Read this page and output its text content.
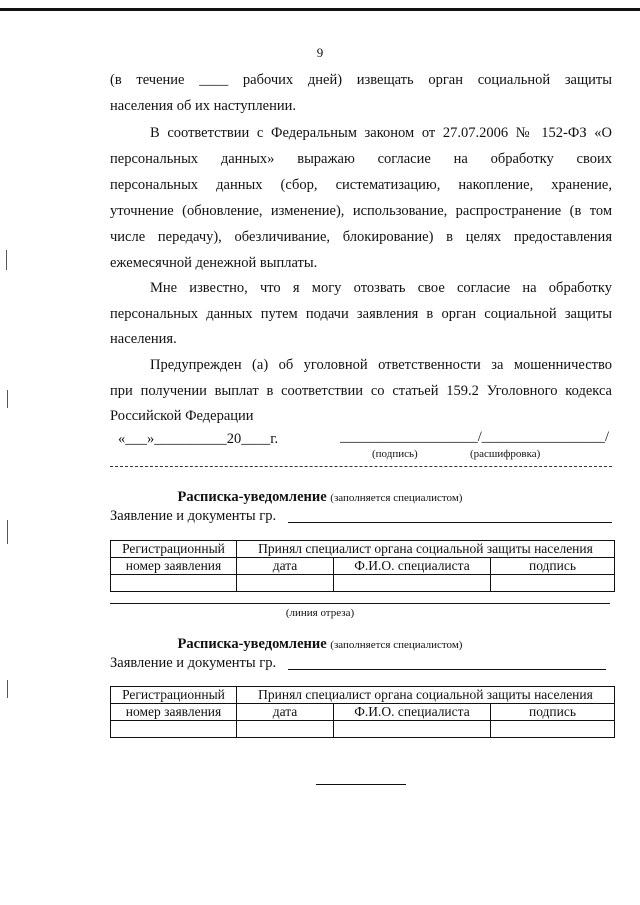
9
(в течение ____ рабочих дней) извещать орган социальной защиты
населения об их наступлении.
В соответствии с Федеральным законом от 27.07.2006 № 152-ФЗ «О
персональных данных» выражаю согласие на обработку своих
персональных данных (сбор, систематизацию, накопление, хранение,
уточнение (обновление, изменение), использование, распространение (в том
числе передачу), обезличивание, блокирование) в целях предоставления
ежемесячной денежной выплаты.
Мне известно, что я могу отозвать свое согласие на обработку
персональных данных путем подачи заявления в орган социальной защиты
населения.
Предупрежден (а) об уголовной ответственности за мошенничество
при получении выплат в соответствии со статьей 159.2 Уголовного кодекса
Российской Федерации
«___»__________20____г.	___________________/_________________/
(подпись)	(расшифровка)
Расписка-уведомление (заполняется специалистом)
Заявление и документы гр.
Регистрационный	Принял специалист органа социальной защиты населения		
номер заявления	дата	Ф.И.О. специалиста	подпись

(линия отреза)
Расписка-уведомление (заполняется специалистом)
Заявление и документы гр.
Регистрационный	Принял специалист органа социальной защиты населения		
номер заявления	дата	Ф.И.О. специалиста	подпись
